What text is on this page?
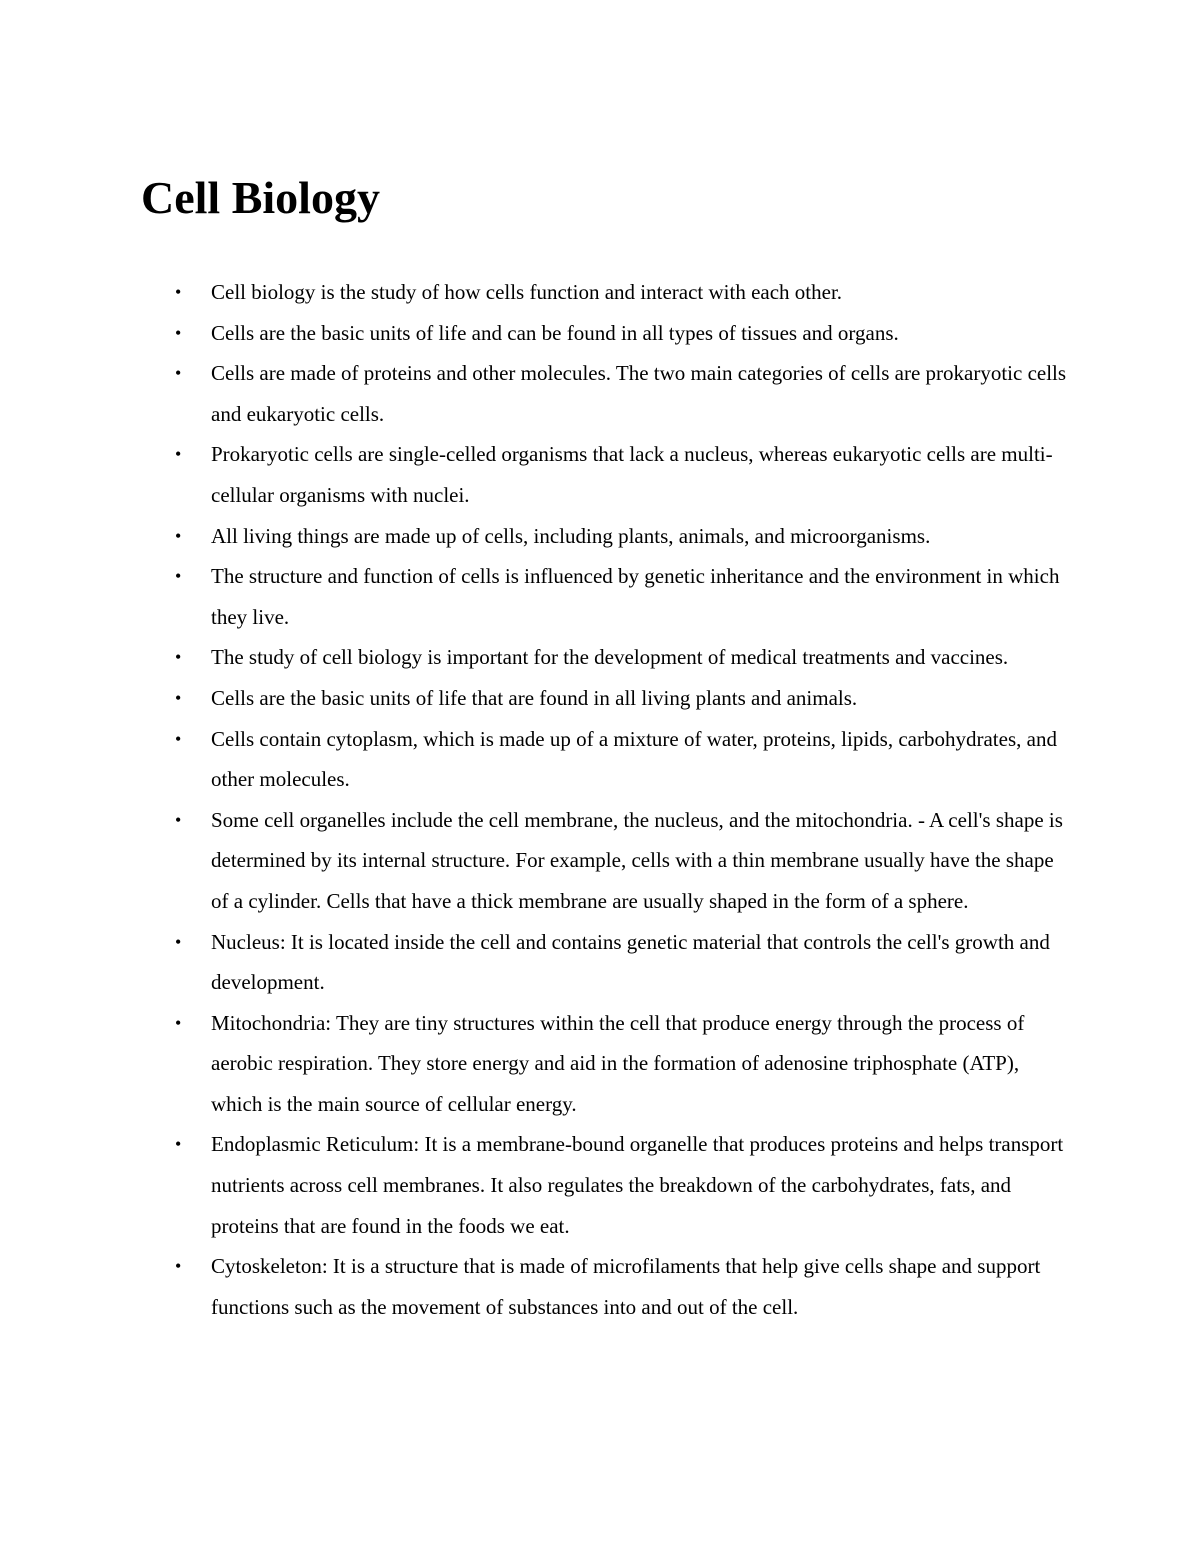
Cell Biology
• Cell biology is the study of how cells function and interact with each other.
• Cells are the basic units of life and can be found in all types of tissues and organs.
• Cells are made of proteins and other molecules. The two main categories of cells are prokaryotic cells and eukaryotic cells.
• Prokaryotic cells are single-celled organisms that lack a nucleus, whereas eukaryotic cells are multi-cellular organisms with nuclei.
• All living things are made up of cells, including plants, animals, and microorganisms.
• The structure and function of cells is influenced by genetic inheritance and the environment in which they live.
• The study of cell biology is important for the development of medical treatments and vaccines.
• Cells are the basic units of life that are found in all living plants and animals.
• Cells contain cytoplasm, which is made up of a mixture of water, proteins, lipids, carbohydrates, and other molecules.
• Some cell organelles include the cell membrane, the nucleus, and the mitochondria. - A cell's shape is determined by its internal structure. For example, cells with a thin membrane usually have the shape of a cylinder. Cells that have a thick membrane are usually shaped in the form of a sphere.
• Nucleus: It is located inside the cell and contains genetic material that controls the cell's growth and development.
• Mitochondria: They are tiny structures within the cell that produce energy through the process of aerobic respiration. They store energy and aid in the formation of adenosine triphosphate (ATP), which is the main source of cellular energy.
• Endoplasmic Reticulum: It is a membrane-bound organelle that produces proteins and helps transport nutrients across cell membranes. It also regulates the breakdown of the carbohydrates, fats, and proteins that are found in the foods we eat.
• Cytoskeleton: It is a structure that is made of microfilaments that help give cells shape and support functions such as the movement of substances into and out of the cell.
